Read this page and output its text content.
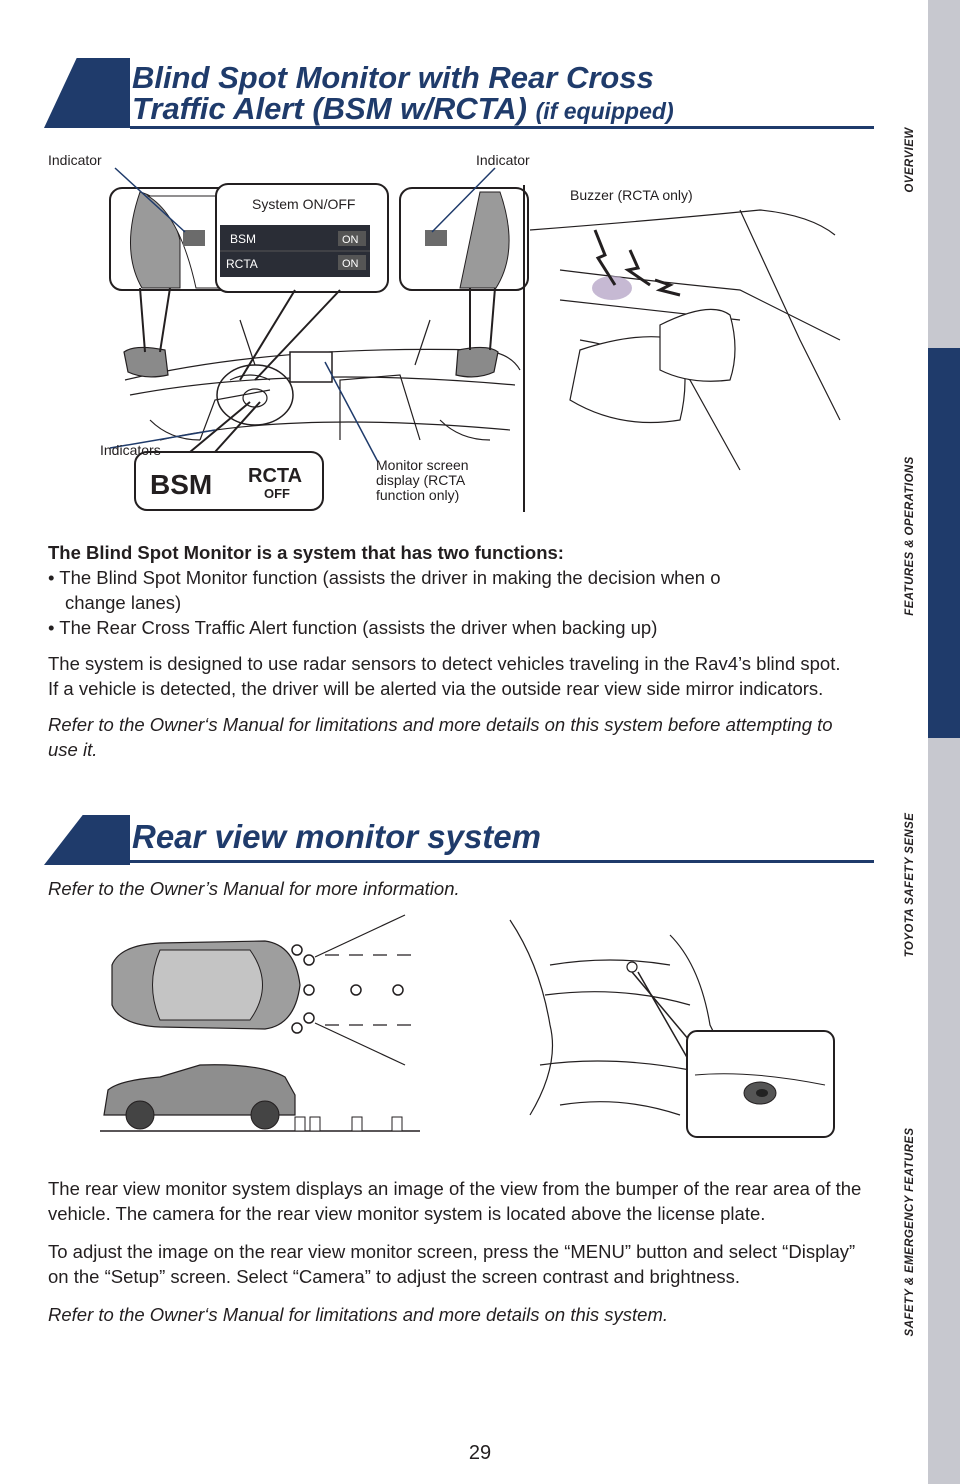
OVERVIEW
FEATURES & OPERATIONS
TOYOTA SAFETY SENSE
SAFETY & EMERGENCY FEATURES
Blind Spot Monitor with Rear Cross
Traffic Alert (BSM w/RCTA) (if equipped)
BSM	ON
RCTA	ON
BSM RCTA
OFF
Indicator	Indicator
System ON/OFF
Buzzer (RCTA only)
Indicators
Monitor screen
display (RCTA
function only)

The Blind Spot Monitor is a system that has two functions:

• The Blind Spot Monitor function (assists the driver in making the decision when o

change lanes)

• The Rear Cross Traffic Alert function (assists the driver when backing up)

The system is designed to use radar sensors to detect vehicles traveling in the Rav4’s blind spot. If a vehicle is detected, the driver will be alerted via the outside rear view side mirror indicators.

Refer to the Owner‘s Manual for limitations and more details on this system before attempting to use it.

Rear view monitor system
Refer to the Owner’s Manual for more information.

The rear view monitor system displays an image of the view from the bumper of the rear area of the vehicle. The camera for the rear view monitor system is located above the license plate.

To adjust the image on the rear view monitor screen, press the “MENU” button and select “Display” on the “Setup” screen. Select “Camera” to adjust the screen contrast and brightness.

Refer to the Owner‘s Manual for limitations and more details on this system.

29
